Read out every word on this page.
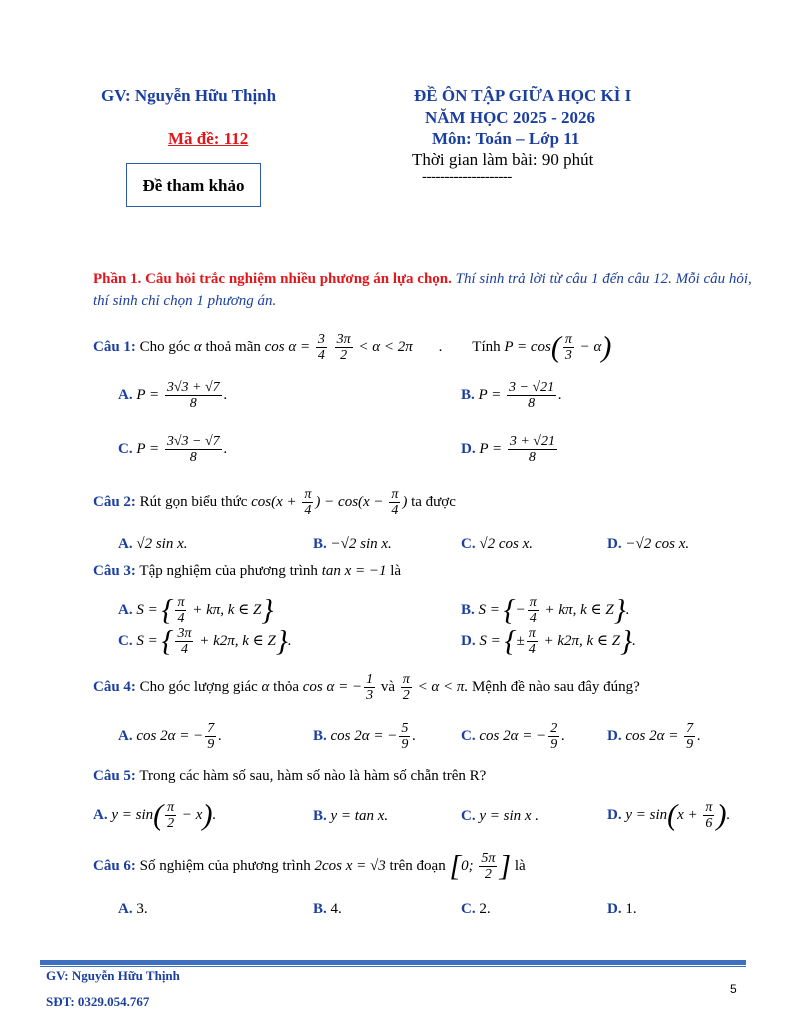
GV: Nguyễn Hữu Thịnh
Mã đề: 112
Đề tham khảo
ĐỀ ÔN TẬP GIỮA HỌC KÌ I
NĂM HỌC 2025 - 2026
Môn: Toán – Lớp 11
Thời gian làm bài: 90 phút
--------------------
Phần 1. Câu hỏi trắc nghiệm nhiều phương án lựa chọn. Thí sinh trả lời từ câu 1 đến câu 12. Mỗi câu hỏi, thí sinh chỉ chọn 1 phương án.
Câu 1: Cho góc α thoả mãn $\cos \alpha = \frac{3}{4}$
$\frac{3\pi}{2} < \alpha < 2\pi$       . Tính $P = \cos( \frac{\pi}{3} - \alpha)$
A. $P = \frac{3√3 + √7}{8}$ .	B. $P = \frac{3 - √21}{8}$ .
C. $P = \frac{3√3 - √7}{8}$ .	D. $P = \frac{3 + √21}{8}$
Câu 2: Rút gọn biểu thức $\cos(x + \frac{\pi}{4}$ ) − $\cos(x - \frac{\pi}{4}$ ) ta được
A. √2 sin x.	B. −√2 sin x.	C. √2 cos x.	D. −√2 cos x.
Câu 3: Tập nghiệm của phương trình tan x = −1 là
A. S = { $\frac{\pi}{4} + k\pi$, k ∈ Z}	B. S = {− $\frac{\pi}{4} + k\pi$, k ∈ Z}.
C. S = { $\frac{3\pi}{4} + k2\pi$, k ∈ Z}.	D. S = {± $\frac{\pi}{4} + k2\pi$, k ∈ Z}.
Câu 4: Cho góc lượng giác α thỏa cos α = − $\frac{1}{3}$ và $\frac{\pi}{2} < \alpha < \pi$. Mệnh đề nào sau đây đúng?
A. cos 2α = − $\frac{7}{9}$ .	B. cos 2α = − $\frac{5}{9}$ .	C. cos 2α = − $\frac{2}{9}$ .	D. $\cos 2\alpha = \frac{7}{9}$ .
Câu 5: Trong các hàm số sau, hàm số nào là hàm số chẵn trên R?
A. $y = \sin( \frac{\pi}{2} - x)$.	B. y = tan x.	C. y = sin x .	D. $y = \sin(x + \frac{\pi}{6}$ ).
Câu 6: Số nghiệm của phương trình 2cos x = √3 trên đoạn [0; $\frac{5\pi}{2}$ ] là
A. 3.	B. 4.	C. 2.	D. 1.
GV: Nguyễn Hữu Thịnh
SĐT: 0329.054.767
5
